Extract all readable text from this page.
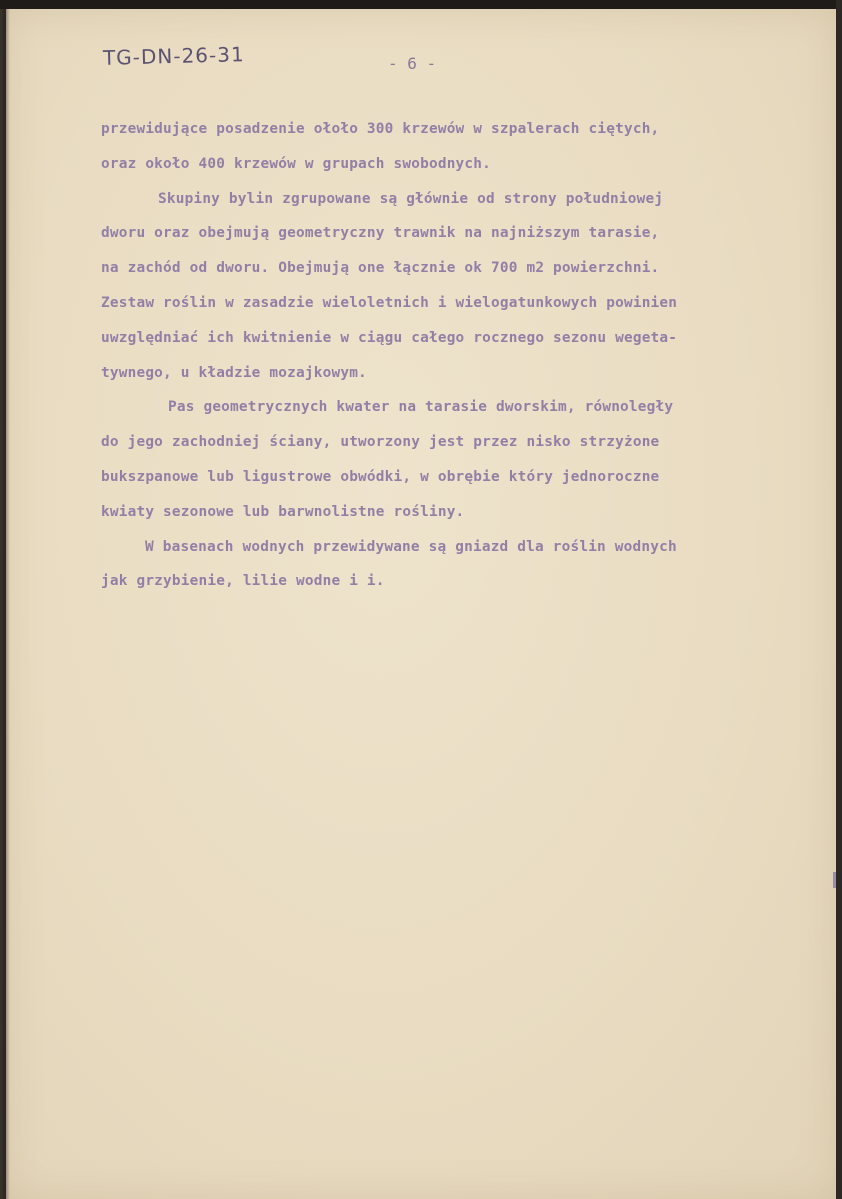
TG-DN-26-31	- 6 -
przewidujące posadzenie ołoło 300 krzewów w szpalerach ciętych,
oraz około 400 krzewów w grupach swobodnych.
Skupiny bylin zgrupowane są głównie od strony południowej
dworu oraz obejmują geometryczny trawnik na najniższym tarasie,
na zachód od dworu. Obejmują one łącznie ok 700 m2 powierzchni.
Zestaw roślin w zasadzie wieloletnich i wielogatunkowych powinien
uwzględniać ich kwitnienie w ciągu całego rocznego sezonu wegeta-
tywnego, u kładzie mozajkowym.
Pas geometrycznych kwater na tarasie dworskim, równoległy
do jego zachodniej ściany, utworzony jest przez nisko strzyżone
bukszpanowe lub ligustrowe obwódki, w obrębie który jednoroczne
kwiaty sezonowe lub barwnolistne rośliny.
W basenach wodnych przewidywane są gniazd dla roślin wodnych
jak grzybienie, lilie wodne i i.
